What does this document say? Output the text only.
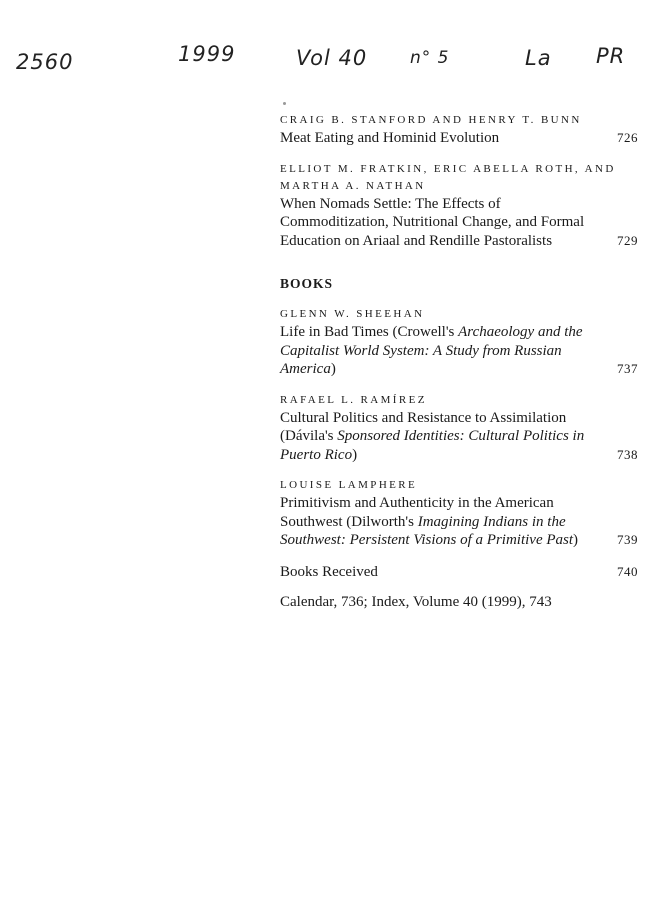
2560	1999	Vol 40	n° 5	La PR
CRAIG B. STANFORD AND HENRY T. BUNN
Meat Eating and Hominid Evolution	726
ELLIOT M. FRATKIN, ERIC ABELLA ROTH, AND MARTHA A. NATHAN
When Nomads Settle: The Effects of Commoditization, Nutritional Change, and Formal Education on Ariaal and Rendille Pastoralists	729
BOOKS
GLENN W. SHEEHAN
Life in Bad Times (Crowell's Archaeology and the Capitalist World System: A Study from Russian America)	737
RAFAEL L. RAMÍREZ
Cultural Politics and Resistance to Assimilation (Dávila's Sponsored Identities: Cultural Politics in Puerto Rico)	738
LOUISE LAMPHERE
Primitivism and Authenticity in the American Southwest (Dilworth's Imagining Indians in the Southwest: Persistent Visions of a Primitive Past)	739
Books Received	740
Calendar, 736; Index, Volume 40 (1999), 743
